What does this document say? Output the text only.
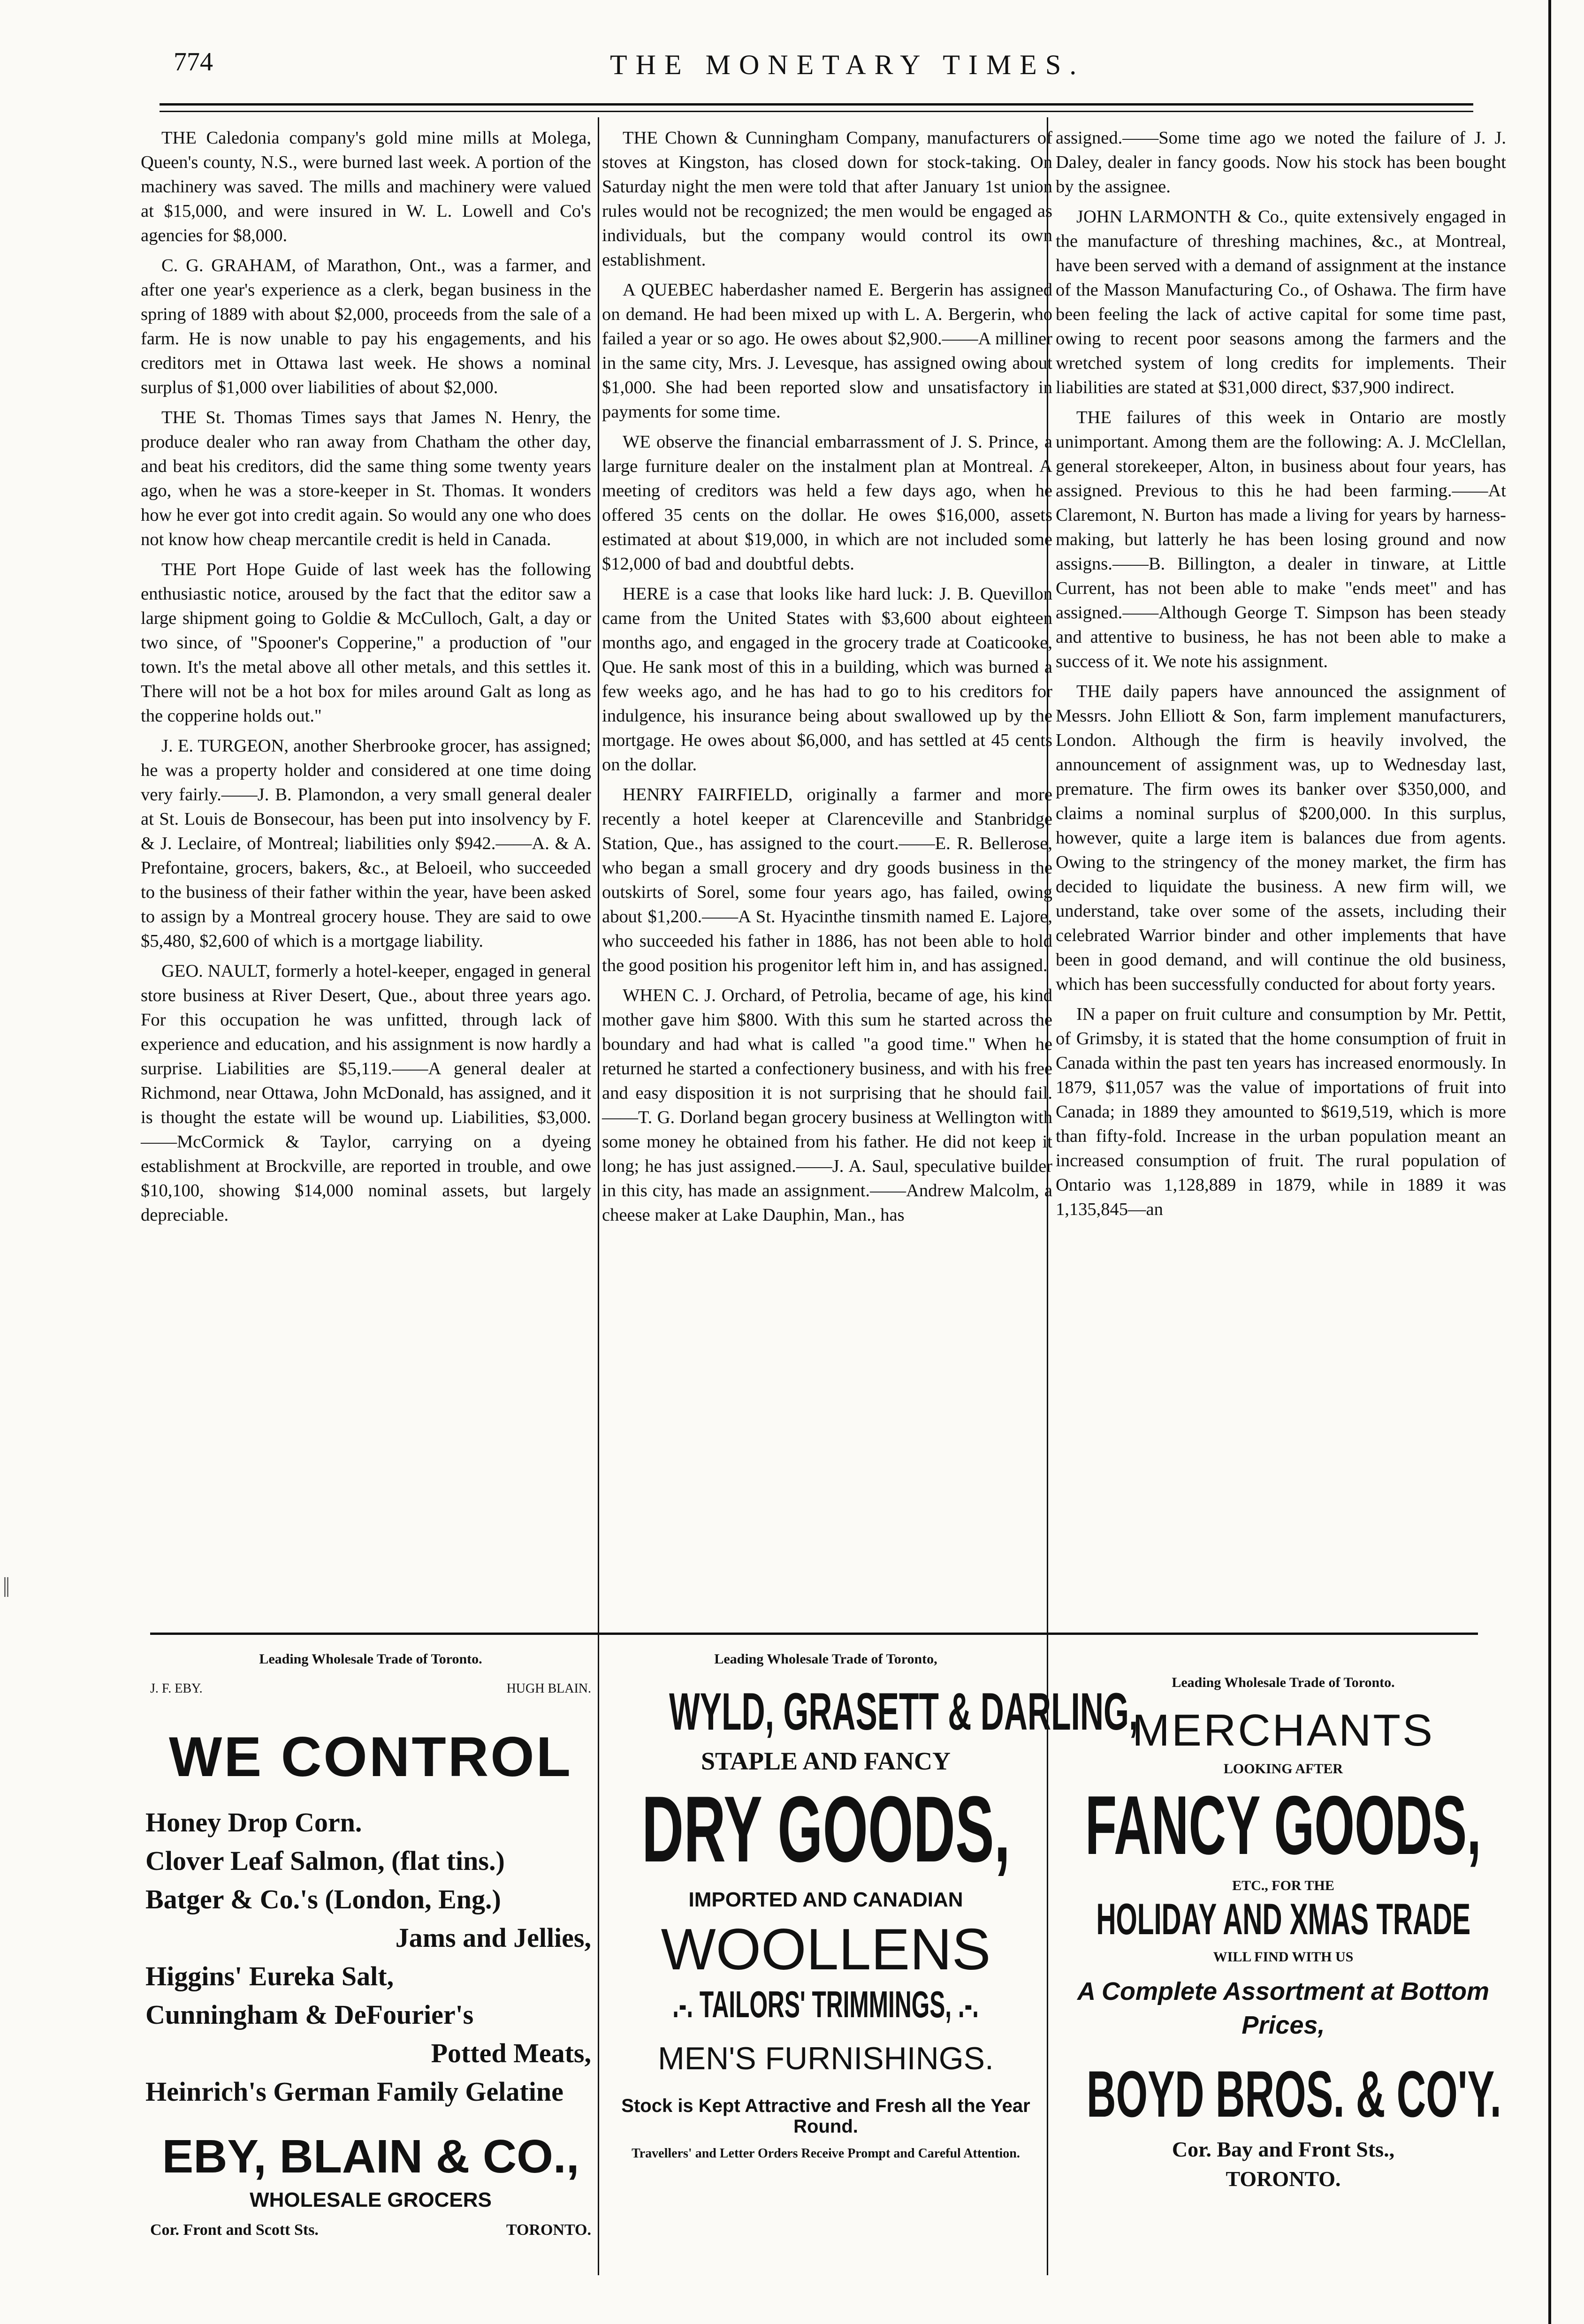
774	THE MONETARY TIMES.
‖

THE Caledonia company's gold mine mills at Molega, Queen's county, N.S., were burned last week. A portion of the machinery was saved. The mills and machinery were valued at $15,000, and were insured in W. L. Lowell and Co's agencies for $8,000.

C. G. GRAHAM, of Marathon, Ont., was a farmer, and after one year's experience as a clerk, began business in the spring of 1889 with about $2,000, proceeds from the sale of a farm. He is now unable to pay his engagements, and his creditors met in Ottawa last week. He shows a nominal surplus of $1,000 over liabilities of about $2,000.

THE St. Thomas Times says that James N. Henry, the produce dealer who ran away from Chatham the other day, and beat his creditors, did the same thing some twenty years ago, when he was a store-keeper in St. Thomas. It wonders how he ever got into credit again. So would any one who does not know how cheap mercantile credit is held in Canada.

THE Port Hope Guide of last week has the following enthusiastic notice, aroused by the fact that the editor saw a large shipment going to Goldie & McCulloch, Galt, a day or two since, of "Spooner's Copperine," a production of "our town. It's the metal above all other metals, and this settles it. There will not be a hot box for miles around Galt as long as the copperine holds out."

J. E. TURGEON, another Sherbrooke grocer, has assigned; he was a property holder and considered at one time doing very fairly.——J. B. Plamondon, a very small general dealer at St. Louis de Bonsecour, has been put into insolvency by F. & J. Leclaire, of Montreal; liabilities only $942.——A. & A. Prefontaine, grocers, bakers, &c., at Beloeil, who succeeded to the business of their father within the year, have been asked to assign by a Montreal grocery house. They are said to owe $5,480, $2,600 of which is a mortgage liability.

GEO. NAULT, formerly a hotel-keeper, engaged in general store business at River Desert, Que., about three years ago. For this occupation he was unfitted, through lack of experience and education, and his assignment is now hardly a surprise. Liabilities are $5,119.——A general dealer at Richmond, near Ottawa, John McDonald, has assigned, and it is thought the estate will be wound up. Liabilities, $3,000.——McCormick & Taylor, carrying on a dyeing establishment at Brockville, are reported in trouble, and owe $10,100, showing $14,000 nominal assets, but largely depreciable.

THE Chown & Cunningham Company, manufacturers of stoves at Kingston, has closed down for stock-taking. On Saturday night the men were told that after January 1st union rules would not be recognized; the men would be engaged as individuals, but the company would control its own establishment.

A QUEBEC haberdasher named E. Bergerin has assigned on demand. He had been mixed up with L. A. Bergerin, who failed a year or so ago. He owes about $2,900.——A milliner in the same city, Mrs. J. Levesque, has assigned owing about $1,000. She had been reported slow and unsatisfactory in payments for some time.

WE observe the financial embarrassment of J. S. Prince, a large furniture dealer on the instalment plan at Montreal. A meeting of creditors was held a few days ago, when he offered 35 cents on the dollar. He owes $16,000, assets estimated at about $19,000, in which are not included some $12,000 of bad and doubtful debts.

HERE is a case that looks like hard luck: J. B. Quevillon came from the United States with $3,600 about eighteen months ago, and engaged in the grocery trade at Coaticooke, Que. He sank most of this in a building, which was burned a few weeks ago, and he has had to go to his creditors for indulgence, his insurance being about swallowed up by the mortgage. He owes about $6,000, and has settled at 45 cents on the dollar.

HENRY FAIRFIELD, originally a farmer and more recently a hotel keeper at Clarenceville and Stanbridge Station, Que., has assigned to the court.——E. R. Bellerose, who began a small grocery and dry goods business in the outskirts of Sorel, some four years ago, has failed, owing about $1,200.——A St. Hyacinthe tinsmith named E. Lajore, who succeeded his father in 1886, has not been able to hold the good position his progenitor left him in, and has assigned.

WHEN C. J. Orchard, of Petrolia, became of age, his kind mother gave him $800. With this sum he started across the boundary and had what is called "a good time." When he returned he started a confectionery business, and with his free and easy disposition it is not surprising that he should fail.——T. G. Dorland began grocery business at Wellington with some money he obtained from his father. He did not keep it long; he has just assigned.——J. A. Saul, speculative builder in this city, has made an assignment.——Andrew Malcolm, a cheese maker at Lake Dauphin, Man., has

assigned.——Some time ago we noted the failure of J. J. Daley, dealer in fancy goods. Now his stock has been bought by the assignee.

JOHN LARMONTH & Co., quite extensively engaged in the manufacture of threshing machines, &c., at Montreal, have been served with a demand of assignment at the instance of the Masson Manufacturing Co., of Oshawa. The firm have been feeling the lack of active capital for some time past, owing to recent poor seasons among the farmers and the wretched system of long credits for implements. Their liabilities are stated at $31,000 direct, $37,900 indirect.

THE failures of this week in Ontario are mostly unimportant. Among them are the following: A. J. McClellan, general storekeeper, Alton, in business about four years, has assigned. Previous to this he had been farming.——At Claremont, N. Burton has made a living for years by harness-making, but latterly he has been losing ground and now assigns.——B. Billington, a dealer in tinware, at Little Current, has not been able to make "ends meet" and has assigned.——Although George T. Simpson has been steady and attentive to business, he has not been able to make a success of it. We note his assignment.

THE daily papers have announced the assignment of Messrs. John Elliott & Son, farm implement manufacturers, London. Although the firm is heavily involved, the announcement of assignment was, up to Wednesday last, premature. The firm owes its banker over $350,000, and claims a nominal surplus of $200,000. In this surplus, however, quite a large item is balances due from agents. Owing to the stringency of the money market, the firm has decided to liquidate the business. A new firm will, we understand, take over some of the assets, including their celebrated Warrior binder and other implements that have been in good demand, and will continue the old business, which has been successfully conducted for about forty years.

IN a paper on fruit culture and consumption by Mr. Pettit, of Grimsby, it is stated that the home consumption of fruit in Canada within the past ten years has increased enormously. In 1879, $11,057 was the value of importations of fruit into Canada; in 1889 they amounted to $619,519, which is more than fifty-fold. Increase in the urban population meant an increased consumption of fruit. The rural population of Ontario was 1,128,889 in 1879, while in 1889 it was 1,135,845—an

Leading Wholesale Trade of Toronto.
J. F. EBY.	HUGH BLAIN.
WE CONTROL
Honey Drop Corn.
Clover Leaf Salmon, (flat tins.)
Batger & Co.'s (London, Eng.)
Jams and Jellies,
Higgins' Eureka Salt,
Cunningham & DeFourier's
Potted Meats,
Heinrich's German Family Gelatine
EBY, BLAIN & CO.,
WHOLESALE GROCERS
Cor. Front and Scott Sts.	TORONTO.
Leading Wholesale Trade of Toronto,
WYLD, GRASETT & DARLING,
STAPLE AND FANCY
DRY GOODS,
IMPORTED AND CANADIAN
WOOLLENS
.-. TAILORS' TRIMMINGS, .-.
MEN'S FURNISHINGS.
Stock is Kept Attractive and Fresh all the Year Round.
Travellers' and Letter Orders Receive Prompt and Careful Attention.
Leading Wholesale Trade of Toronto.
MERCHANTS
LOOKING AFTER
FANCY GOODS,
ETC., FOR THE
HOLIDAY AND XMAS TRADE
WILL FIND WITH US
A Complete Assortment at Bottom Prices,
BOYD BROS. & CO'Y.
Cor. Bay and Front Sts.,
TORONTO.
